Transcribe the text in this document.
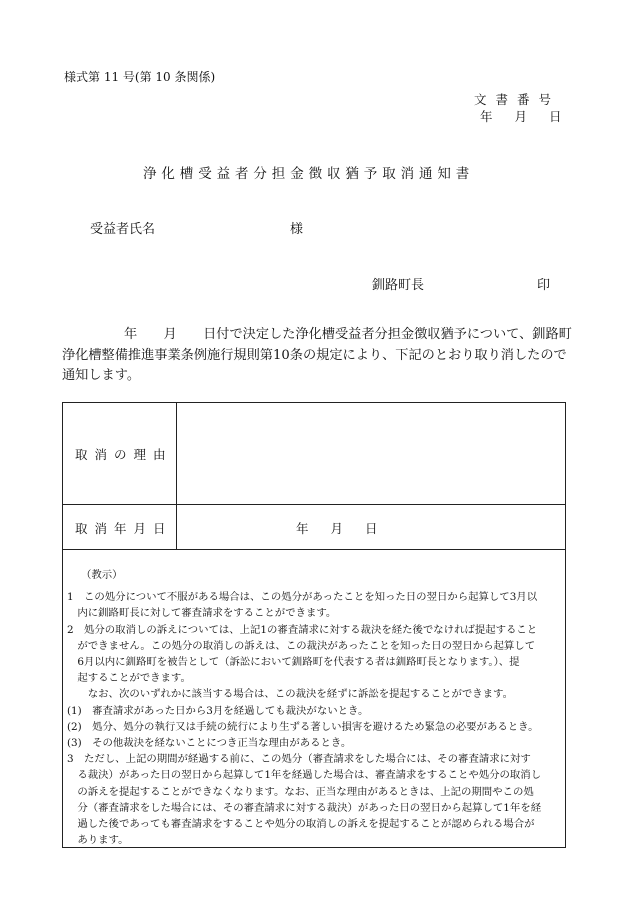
様式第 11 号(第 10 条関係)
文書番号
年 月 日
浄化槽受益者分担金徴収猶予取消通知書
受益者氏名	様
釧路町長	印
年　　月　　日付で決定した浄化槽受益者分担金徴収猶予について、釧路町
浄化槽整備推進事業条例施行規則第10条の規定により、下記のとおり取り消したので
通知します。
取消の理由
取消年月日	年 月 日
（教示）
1　この処分について不服がある場合は、この処分があったことを知った日の翌日から起算して3月以
　内に釧路町長に対して審査請求をすることができます。
2　処分の取消しの訴えについては、上記1の審査請求に対する裁決を経た後でなければ提起すること
　ができません。この処分の取消しの訴えは、この裁決があったことを知った日の翌日から起算して
　6月以内に釧路町を被告として（訴訟において釧路町を代表する者は釧路町長となります。）、提
　起することができます。
　　なお、次のいずれかに該当する場合は、この裁決を経ずに訴訟を提起することができます。
(1)　審査請求があった日から3月を経過しても裁決がないとき。
(2)　処分、処分の執行又は手続の続行により生ずる著しい損害を避けるため緊急の必要があるとき。
(3)　その他裁決を経ないことにつき正当な理由があるとき。
3　ただし、上記の期間が経過する前に、この処分（審査請求をした場合には、その審査請求に対す
　る裁決）があった日の翌日から起算して1年を経過した場合は、審査請求をすることや処分の取消し
　の訴えを提起することができなくなります。なお、正当な理由があるときは、上記の期間やこの処
　分（審査請求をした場合には、その審査請求に対する裁決）があった日の翌日から起算して1年を経
　過した後であっても審査請求をすることや処分の取消しの訴えを提起することが認められる場合が
　あります。
